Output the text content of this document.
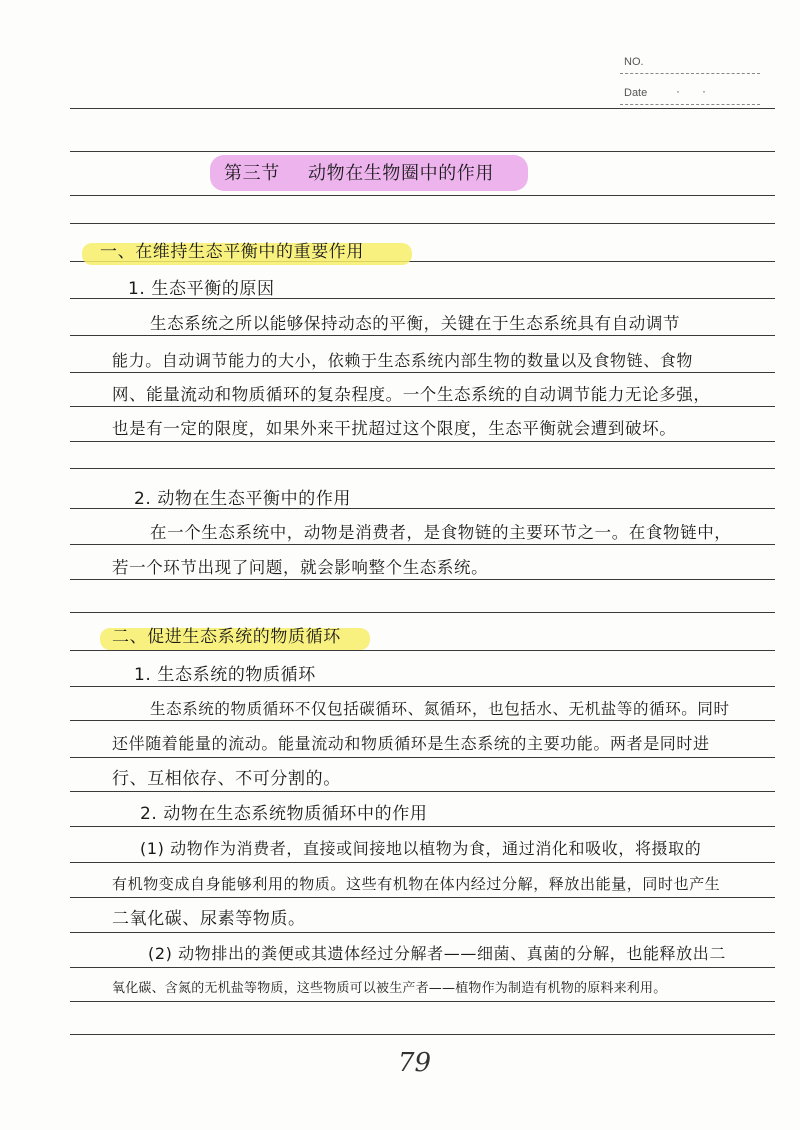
NO.
Date ··
第三节 动物在生物圈中的作用
一、在维持生态平衡中的重要作用
1. 生态平衡的原因
生态系统之所以能够保持动态的平衡，关键在于生态系统具有自动调节
能力。自动调节能力的大小，依赖于生态系统内部生物的数量以及食物链、食物
网、能量流动和物质循环的复杂程度。一个生态系统的自动调节能力无论多强，
也是有一定的限度，如果外来干扰超过这个限度，生态平衡就会遭到破坏。
2. 动物在生态平衡中的作用
在一个生态系统中，动物是消费者，是食物链的主要环节之一。在食物链中，
若一个环节出现了问题，就会影响整个生态系统。
二、促进生态系统的物质循环
1. 生态系统的物质循环
生态系统的物质循环不仅包括碳循环、氮循环，也包括水、无机盐等的循环。同时
还伴随着能量的流动。能量流动和物质循环是生态系统的主要功能。两者是同时进
行、互相依存、不可分割的。
2. 动物在生态系统物质循环中的作用
(1) 动物作为消费者，直接或间接地以植物为食，通过消化和吸收，将摄取的
有机物变成自身能够利用的物质。这些有机物在体内经过分解，释放出能量，同时也产生
二氧化碳、尿素等物质。
(2) 动物排出的粪便或其遗体经过分解者——细菌、真菌的分解，也能释放出二
氧化碳、含氮的无机盐等物质，这些物质可以被生产者——植物作为制造有机物的原料来利用。
79
